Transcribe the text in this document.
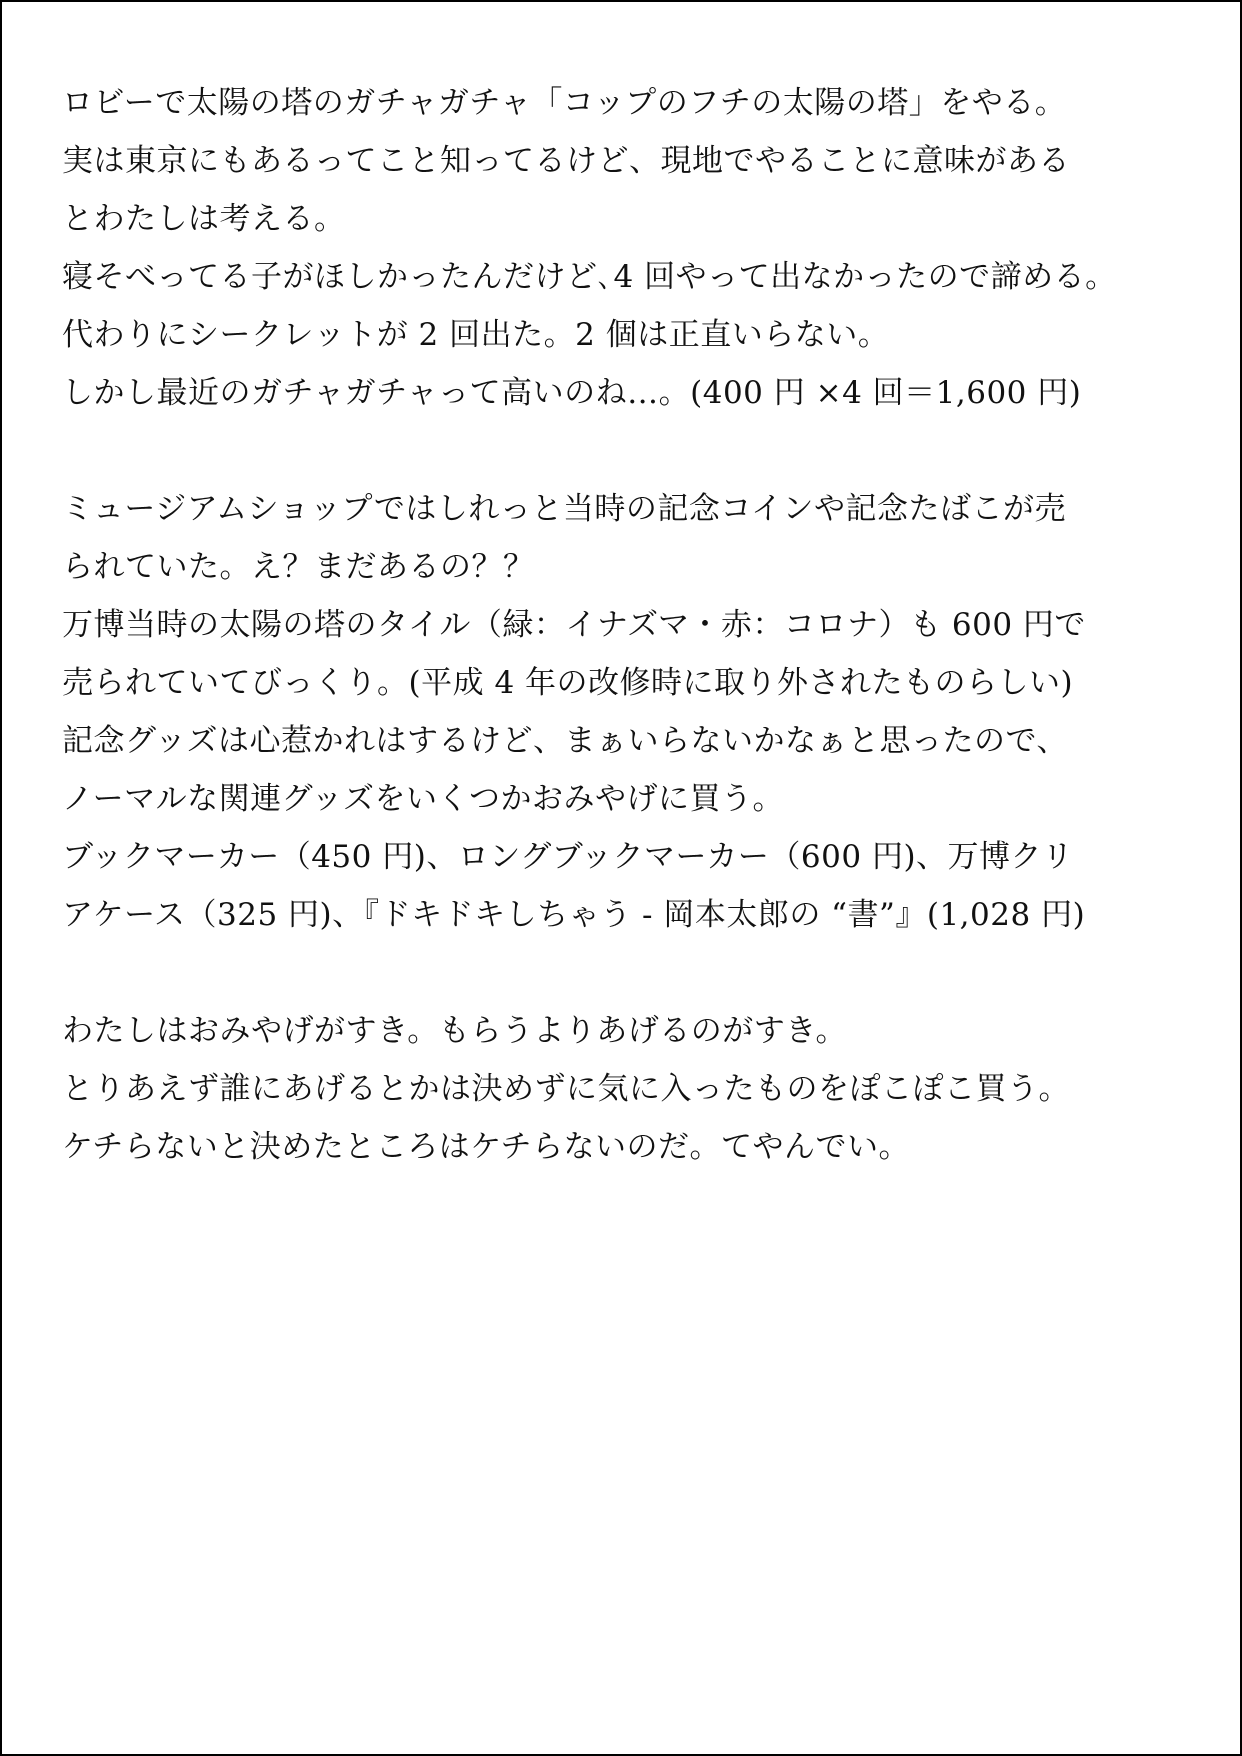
ロビーで太陽の塔のガチャガチャ「コップのフチの太陽の塔」をやる。
実は東京にもあるってこと知ってるけど、現地でやることに意味がある
とわたしは考える。
寝そべってる子がほしかったんだけど､4 回やって出なかったので諦める。
代わりにシークレットが 2 回出た。2 個は正直いらない。
しかし最近のガチャガチャって高いのね…。(400 円 ×4 回＝1,600 円)
ミュージアムショップではしれっと当時の記念コインや記念たばこが売
られていた。え？まだあるの？？
万博当時の太陽の塔のタイル（緑：イナズマ・赤：コロナ）も 600 円で
売られていてびっくり。(平成 4 年の改修時に取り外されたものらしい)
記念グッズは心惹かれはするけど、まぁいらないかなぁと思ったので、
ノーマルな関連グッズをいくつかおみやげに買う。
ブックマーカー（450 円)、ロングブックマーカー（600 円)、万博クリ
アケース（325 円)、『ドキドキしちゃう - 岡本太郎の “書”』(1,028 円)
わたしはおみやげがすき。もらうよりあげるのがすき。
とりあえず誰にあげるとかは決めずに気に入ったものをぽこぽこ買う。
ケチらないと決めたところはケチらないのだ。てやんでい。
